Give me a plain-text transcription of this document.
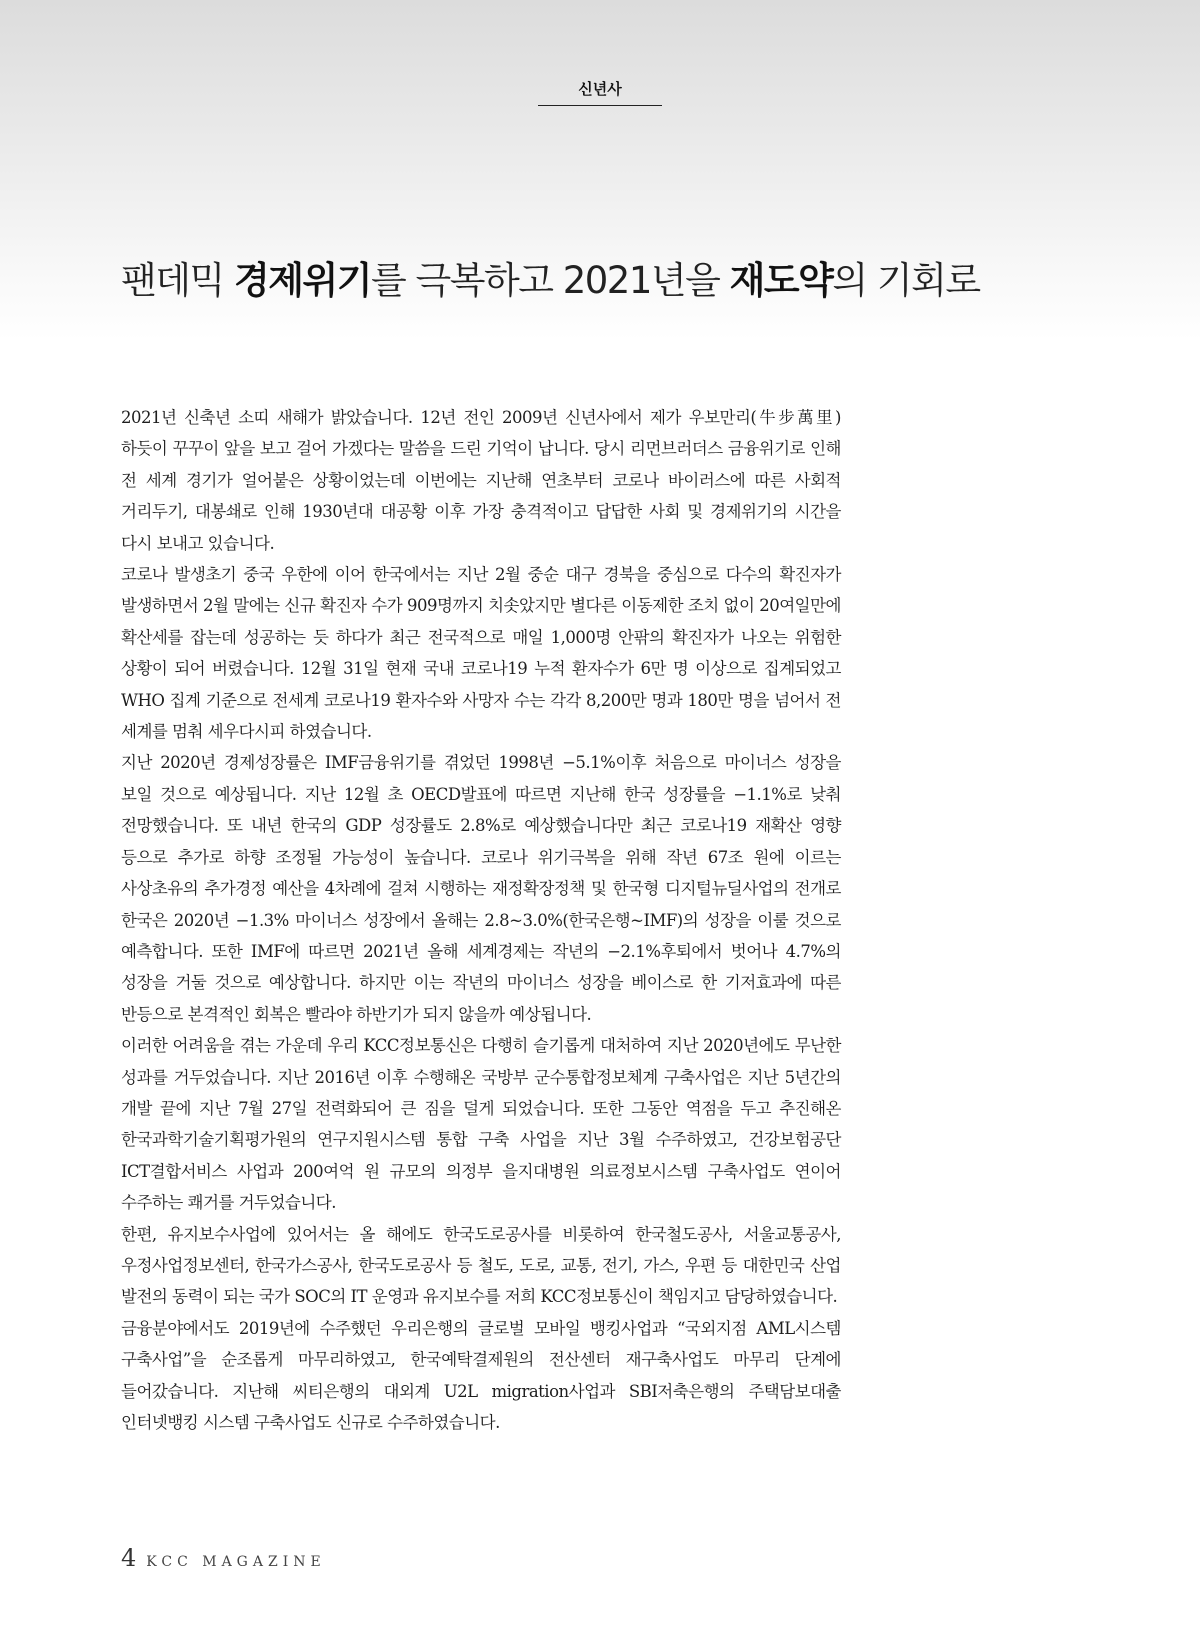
신년사
팬데믹 경제위기를 극복하고 2021년을 재도약의 기회로

2021년 신축년 소띠 새해가 밝았습니다. 12년 전인 2009년 신년사에서 제가 우보만리(牛步萬里) 하듯이 꾸꾸이 앞을 보고 걸어 가겠다는 말씀을 드린 기억이 납니다. 당시 리먼브러더스 금융위기로 인해 전 세계 경기가 얼어붙은 상황이었는데 이번에는 지난해 연초부터 코로나 바이러스에 따른 사회적 거리두기, 대봉쇄로 인해 1930년대 대공황 이후 가장 충격적이고 답답한 사회 및 경제위기의 시간을 다시 보내고 있습니다.

코로나 발생초기 중국 우한에 이어 한국에서는 지난 2월 중순 대구 경북을 중심으로 다수의 확진자가 발생하면서 2월 말에는 신규 확진자 수가 909명까지 치솟았지만 별다른 이동제한 조치 없이 20여일만에 확산세를 잡는데 성공하는 듯 하다가 최근 전국적으로 매일 1,000명 안팎의 확진자가 나오는 위험한 상황이 되어 버렸습니다. 12월 31일 현재 국내 코로나19 누적 환자수가 6만 명 이상으로 집계되었고 WHO 집계 기준으로 전세계 코로나19 환자수와 사망자 수는 각각 8,200만 명과 180만 명을 넘어서 전 세계를 멈춰 세우다시피 하였습니다.

지난 2020년 경제성장률은 IMF금융위기를 겪었던 1998년 −5.1%이후 처음으로 마이너스 성장을 보일 것으로 예상됩니다. 지난 12월 초 OECD발표에 따르면 지난해 한국 성장률을 −1.1%로 낮춰 전망했습니다. 또 내년 한국의 GDP 성장률도 2.8%로 예상했습니다만 최근 코로나19 재확산 영향 등으로 추가로 하향 조정될 가능성이 높습니다. 코로나 위기극복을 위해 작년 67조 원에 이르는 사상초유의 추가경정 예산을 4차례에 걸쳐 시행하는 재정확장정책 및 한국형 디지털뉴딜사업의 전개로 한국은 2020년 −1.3% 마이너스 성장에서 올해는 2.8~3.0%(한국은행~IMF)의 성장을 이룰 것으로 예측합니다. 또한 IMF에 따르면 2021년 올해 세계경제는 작년의 −2.1%후퇴에서 벗어나 4.7%의 성장을 거둘 것으로 예상합니다. 하지만 이는 작년의 마이너스 성장을 베이스로 한 기저효과에 따른 반등으로 본격적인 회복은 빨라야 하반기가 되지 않을까 예상됩니다.

이러한 어려움을 겪는 가운데 우리 KCC정보통신은 다행히 슬기롭게 대처하여 지난 2020년에도 무난한 성과를 거두었습니다. 지난 2016년 이후 수행해온 국방부 군수통합정보체계 구축사업은 지난 5년간의 개발 끝에 지난 7월 27일 전력화되어 큰 짐을 덜게 되었습니다. 또한 그동안 역점을 두고 추진해온 한국과학기술기획평가원의 연구지원시스템 통합 구축 사업을 지난 3월 수주하였고, 건강보험공단 ICT결합서비스 사업과 200여억 원 규모의 의정부 을지대병원 의료정보시스템 구축사업도 연이어 수주하는 쾌거를 거두었습니다.

한편, 유지보수사업에 있어서는 올 해에도 한국도로공사를 비롯하여 한국철도공사, 서울교통공사, 우정사업정보센터, 한국가스공사, 한국도로공사 등 철도, 도로, 교통, 전기, 가스, 우편 등 대한민국 산업 발전의 동력이 되는 국가 SOC의 IT 운영과 유지보수를 저희 KCC정보통신이 책임지고 담당하였습니다.

금융분야에서도 2019년에 수주했던 우리은행의 글로벌 모바일 뱅킹사업과 “국외지점 AML시스템 구축사업”을 순조롭게 마무리하였고, 한국예탁결제원의 전산센터 재구축사업도 마무리 단계에 들어갔습니다. 지난해 씨티은행의 대외계 U2L migration사업과 SBI저축은행의 주택담보대출 인터넷뱅킹 시스템 구축사업도 신규로 수주하였습니다.

4 KCC MAGAZINE
